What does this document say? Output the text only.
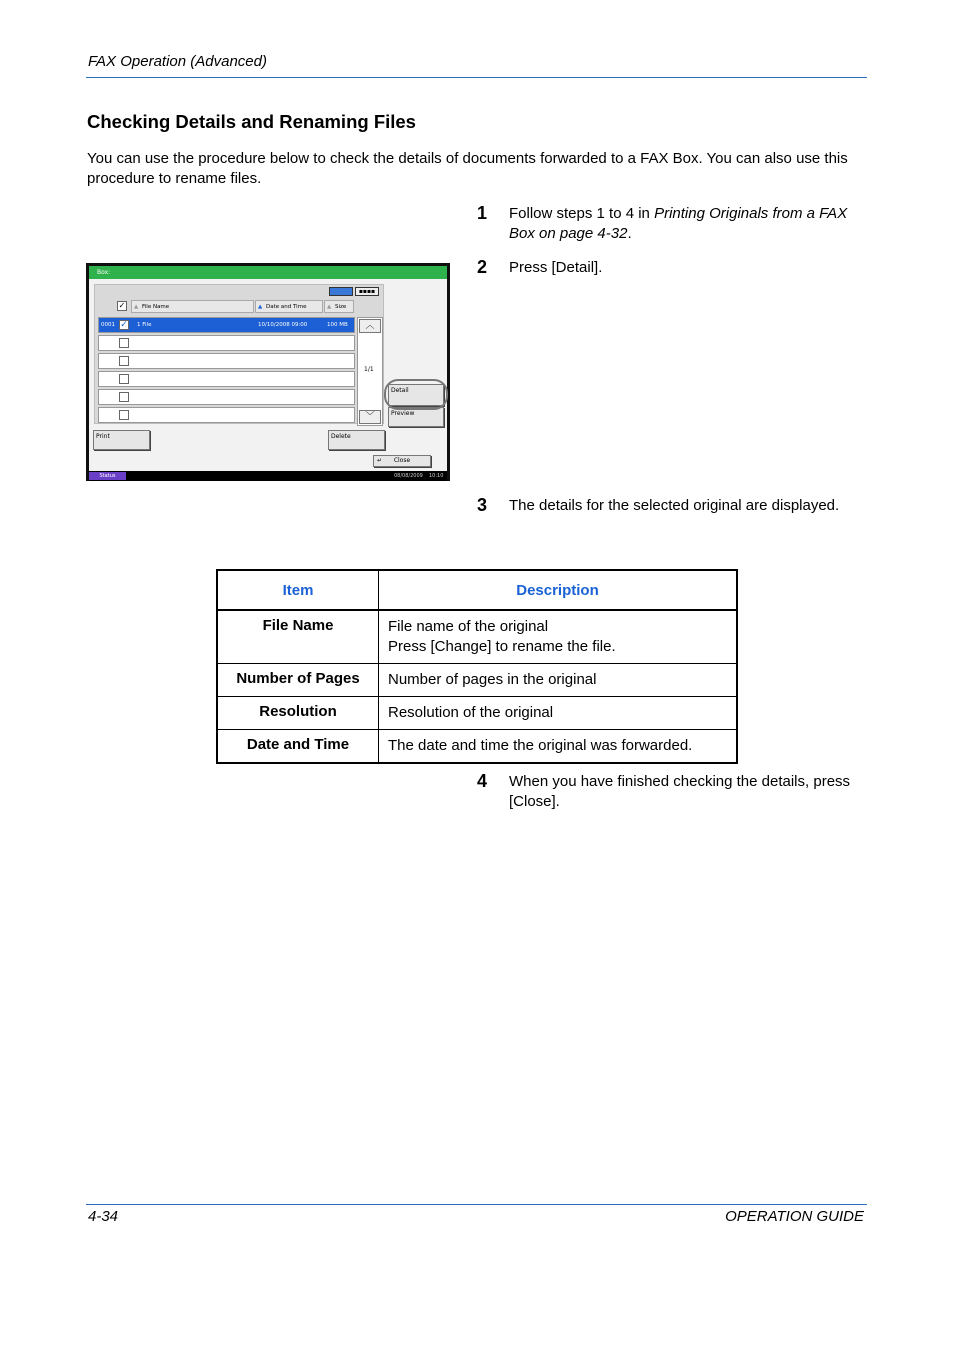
FAX Operation (Advanced)
Checking Details and Renaming Files
You can use the procedure below to check the details of documents forwarded to a FAX Box. You can also use this procedure to rename files.
1 Follow steps 1 to 4 in Printing Originals from a FAX Box on page 4-32.
2 Press [Detail].
Box:
▪▪▪▪
✓	▲ File Name	▲ Date and Time	▲ Size
0001 ✓ 1 File	10/10/2008 09:00	100 MB	︿
1/1
﹀
Detail
Preview
Print	Delete
↵ Close
Status	08/08/2009 10:10
3 The details for the selected original are displayed.
Item	Description
File Name	File name of the original
Press [Change] to rename the file.

Number of Pages	Number of pages in the original
Resolution	Resolution of the original
Date and Time	The date and time the original was forwarded.
4 When you have finished checking the details, press [Close].
4-34	OPERATION GUIDE
